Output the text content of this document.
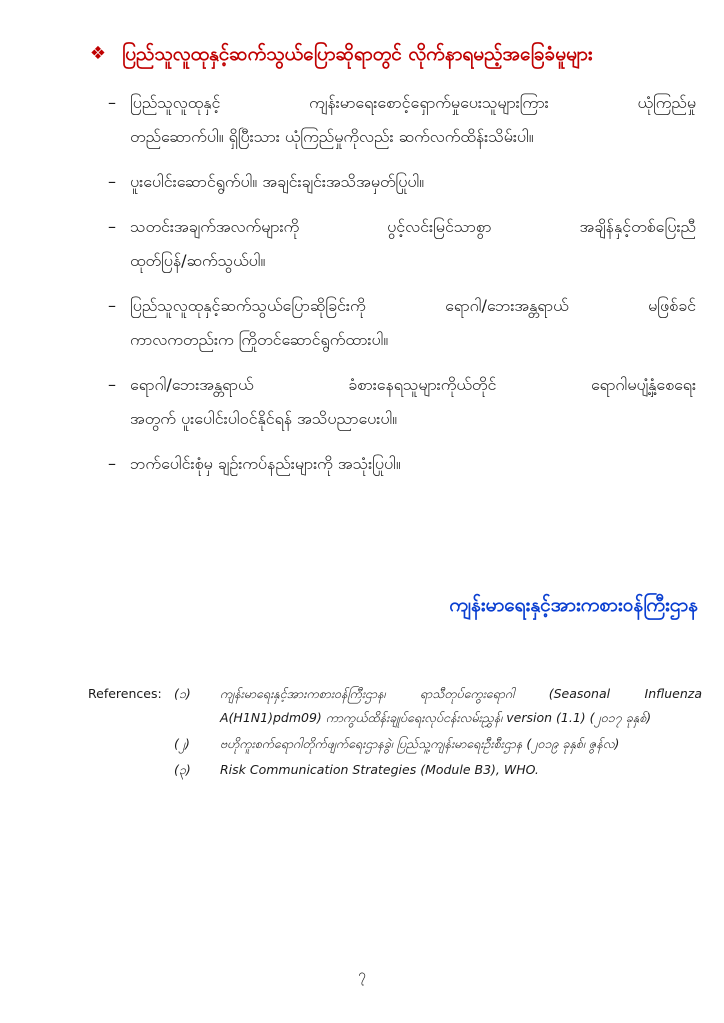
❖ ပြည်သူလူထုနှင့်ဆက်သွယ်ပြောဆိုရာတွင် လိုက်နာရမည့်အခြေခံမူများ
– ပြည်သူလူထုနှင့် ကျန်းမာရေးစောင့်ရှောက်မှုပေးသူများကြား ယုံကြည်မှု
တည်ဆောက်ပါ။ ရှိပြီးသား ယုံကြည်မှုကိုလည်း ဆက်လက်ထိန်းသိမ်းပါ။
– ပူးပေါင်းဆောင်ရွက်ပါ။ အချင်းချင်းအသိအမှတ်ပြုပါ။
– သတင်းအချက်အလက်များကို ပွင့်လင်းမြင်သာစွာ အချိန်နှင့်တစ်ပြေးညီ
ထုတ်ပြန်/ဆက်သွယ်ပါ။
– ပြည်သူလူထုနှင့်ဆက်သွယ်ပြောဆိုခြင်းကို ရောဂါ/ဘေးအန္တရာယ် မဖြစ်ခင်
ကာလကတည်းက ကြိုတင်ဆောင်ရွက်ထားပါ။
– ရောဂါ/ဘေးအန္တရာယ် ခံစားနေရသူများကိုယ်တိုင် ရောဂါမပျံ့နှံ့စေရေး
အတွက် ပူးပေါင်းပါဝင်နိုင်ရန် အသိပညာပေးပါ။
– ဘက်ပေါင်းစုံမှ ချဉ်းကပ်နည်းများကို အသုံးပြုပါ။
ကျန်းမာရေးနှင့်အားကစားဝန်ကြီးဌာန
References: (၁) ကျန်းမာရေးနှင့်အားကစားဝန်ကြီးဌာန၊ ရာသီတုပ်ကွေးရောဂါ (Seasonal Influenza A(H1N1)pdm09) ကာကွယ်ထိန်းချုပ်ရေးလုပ်ငန်းလမ်းညွှန်၊ version (1.1) (၂၀၁၇ ခုနှစ်)
(၂) ဗဟိုကူးစက်ရောဂါတိုက်ဖျက်ရေးဌာနခွဲ၊ ပြည်သူ့ကျန်းမာရေးဦးစီးဌာန (၂၀၁၉ ခုနှစ်၊ ဇွန်လ)
(၃) Risk Communication Strategies (Module B3), WHO.
၇
